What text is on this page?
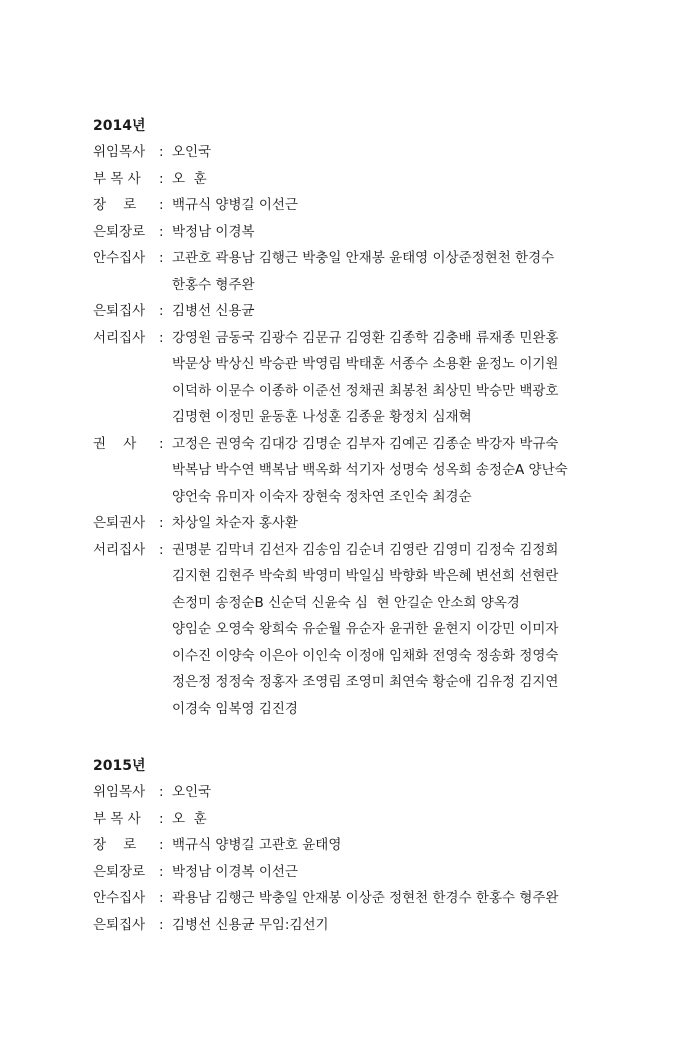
2014년
위임목사	: 오인국
부 목 사	: 오  훈
장    로	: 백규식 양병길 이선근
은퇴장로	: 박정남 이경복
안수집사	: 고관호 곽용남 김행근 박충일 안재봉 윤태영 이상준정현천 한경수
한홍수 형주완
은퇴집사	: 김병선 신용균
서리집사	: 강영원 금동국 김광수 김문규 김영환 김종학 김충배 류재종 민완홍
박문상 박상신 박승관 박영림 박태훈 서종수 소용환 윤정노 이기원
이덕하 이문수 이종하 이준선 정채권 최봉천 최상민 박승만 백광호
김명현 이정민 윤동훈 나성훈 김종윤 황정치 심재혁
권    사	: 고정은 권영숙 김대강 김명순 김부자 김예곤 김종순 박강자 박규숙
박복남 박수연 백복남 백옥화 석기자 성명숙 성옥희 송정순A 양난숙
양언숙 유미자 이숙자 장현숙 정차연 조인숙 최경순
은퇴권사	: 차상일 차순자 홍사환
서리집사	: 권명분 김막녀 김선자 김송임 김순녀 김영란 김영미 김정숙 김정희
김지현 김현주 박숙희 박영미 박일심 박향화 박은혜 변선희 선현란
손정미 송정순B 신순덕 신윤숙 심  현 안길순 안소희 양옥경
양임순 오영숙 왕희숙 유순월 유순자 윤귀한 윤현지 이강민 이미자
이수진 이양숙 이은아 이인숙 이정애 임채화 전영숙 정송화 정영숙
정은정 정정숙 정홍자 조영림 조영미 최연숙 황순애 김유정 김지연
이경숙 임복영 김진경
2015년
위임목사	: 오인국
부 목 사	: 오  훈
장    로	: 백규식 양병길 고관호 윤태영
은퇴장로	: 박정남 이경복 이선근
안수집사	: 곽용남 김행근 박충일 안재봉 이상준 정현천 한경수 한홍수 형주완
은퇴집사	: 김병선 신용균 무임:김선기
